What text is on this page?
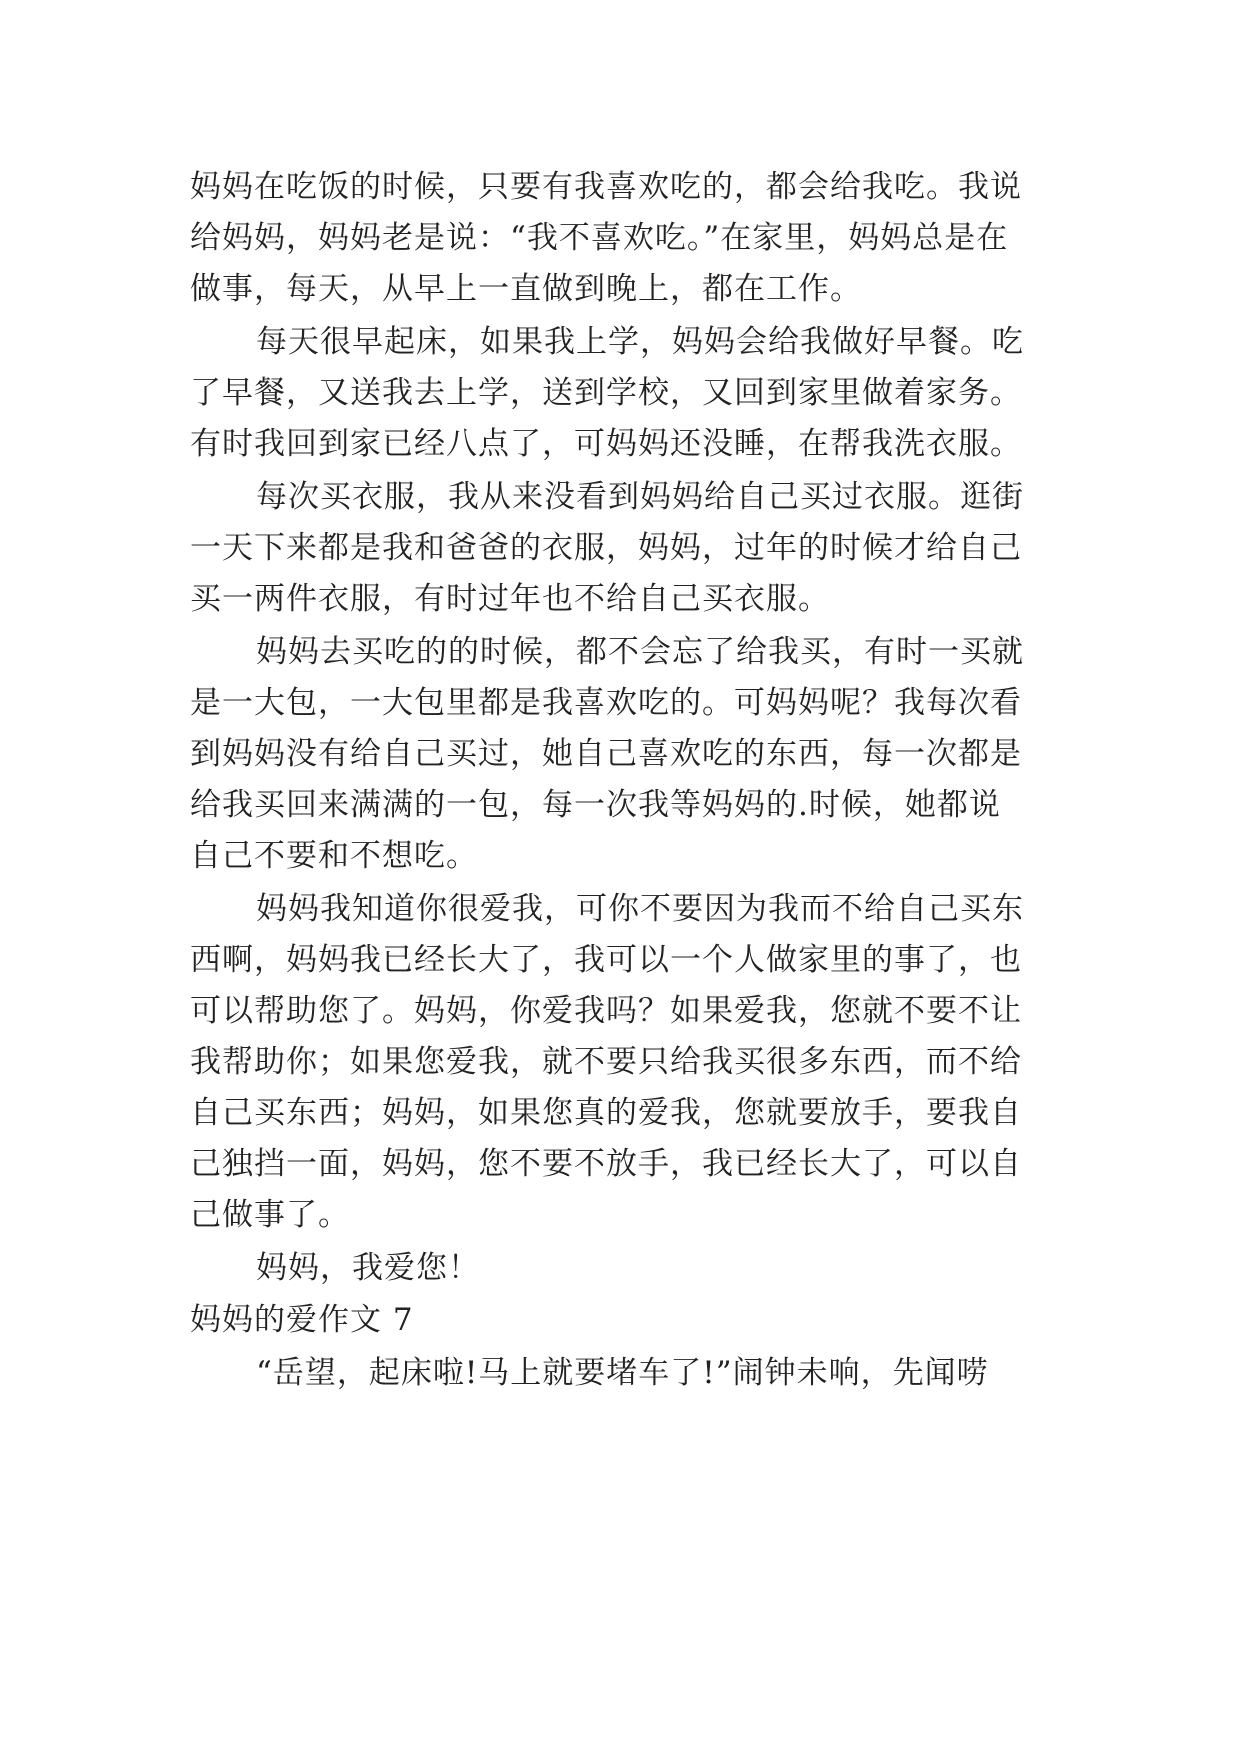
妈妈在吃饭的时候，只要有我喜欢吃的，都会给我吃。我说
给妈妈，妈妈老是说：“我不喜欢吃。”在家里，妈妈总是在
做事，每天，从早上一直做到晚上，都在工作。
每天很早起床，如果我上学，妈妈会给我做好早餐。吃
了早餐，又送我去上学，送到学校，又回到家里做着家务。
有时我回到家已经八点了，可妈妈还没睡，在帮我洗衣服。
每次买衣服，我从来没看到妈妈给自己买过衣服。逛街
一天下来都是我和爸爸的衣服，妈妈，过年的时候才给自己
买一两件衣服，有时过年也不给自己买衣服。
妈妈去买吃的的时候，都不会忘了给我买，有时一买就
是一大包，一大包里都是我喜欢吃的。可妈妈呢？我每次看
到妈妈没有给自己买过，她自己喜欢吃的东西，每一次都是
给我买回来满满的一包，每一次我等妈妈的.时候，她都说
自己不要和不想吃。
妈妈我知道你很爱我，可你不要因为我而不给自己买东
西啊，妈妈我已经长大了，我可以一个人做家里的事了，也
可以帮助您了。妈妈，你爱我吗？如果爱我，您就不要不让
我帮助你；如果您爱我，就不要只给我买很多东西，而不给
自己买东西；妈妈，如果您真的爱我，您就要放手，要我自
己独挡一面，妈妈，您不要不放手，我已经长大了，可以自
己做事了。
妈妈，我爱您！
妈妈的爱作文 7
“岳望，起床啦!马上就要堵车了!”闹钟未响，先闻唠
